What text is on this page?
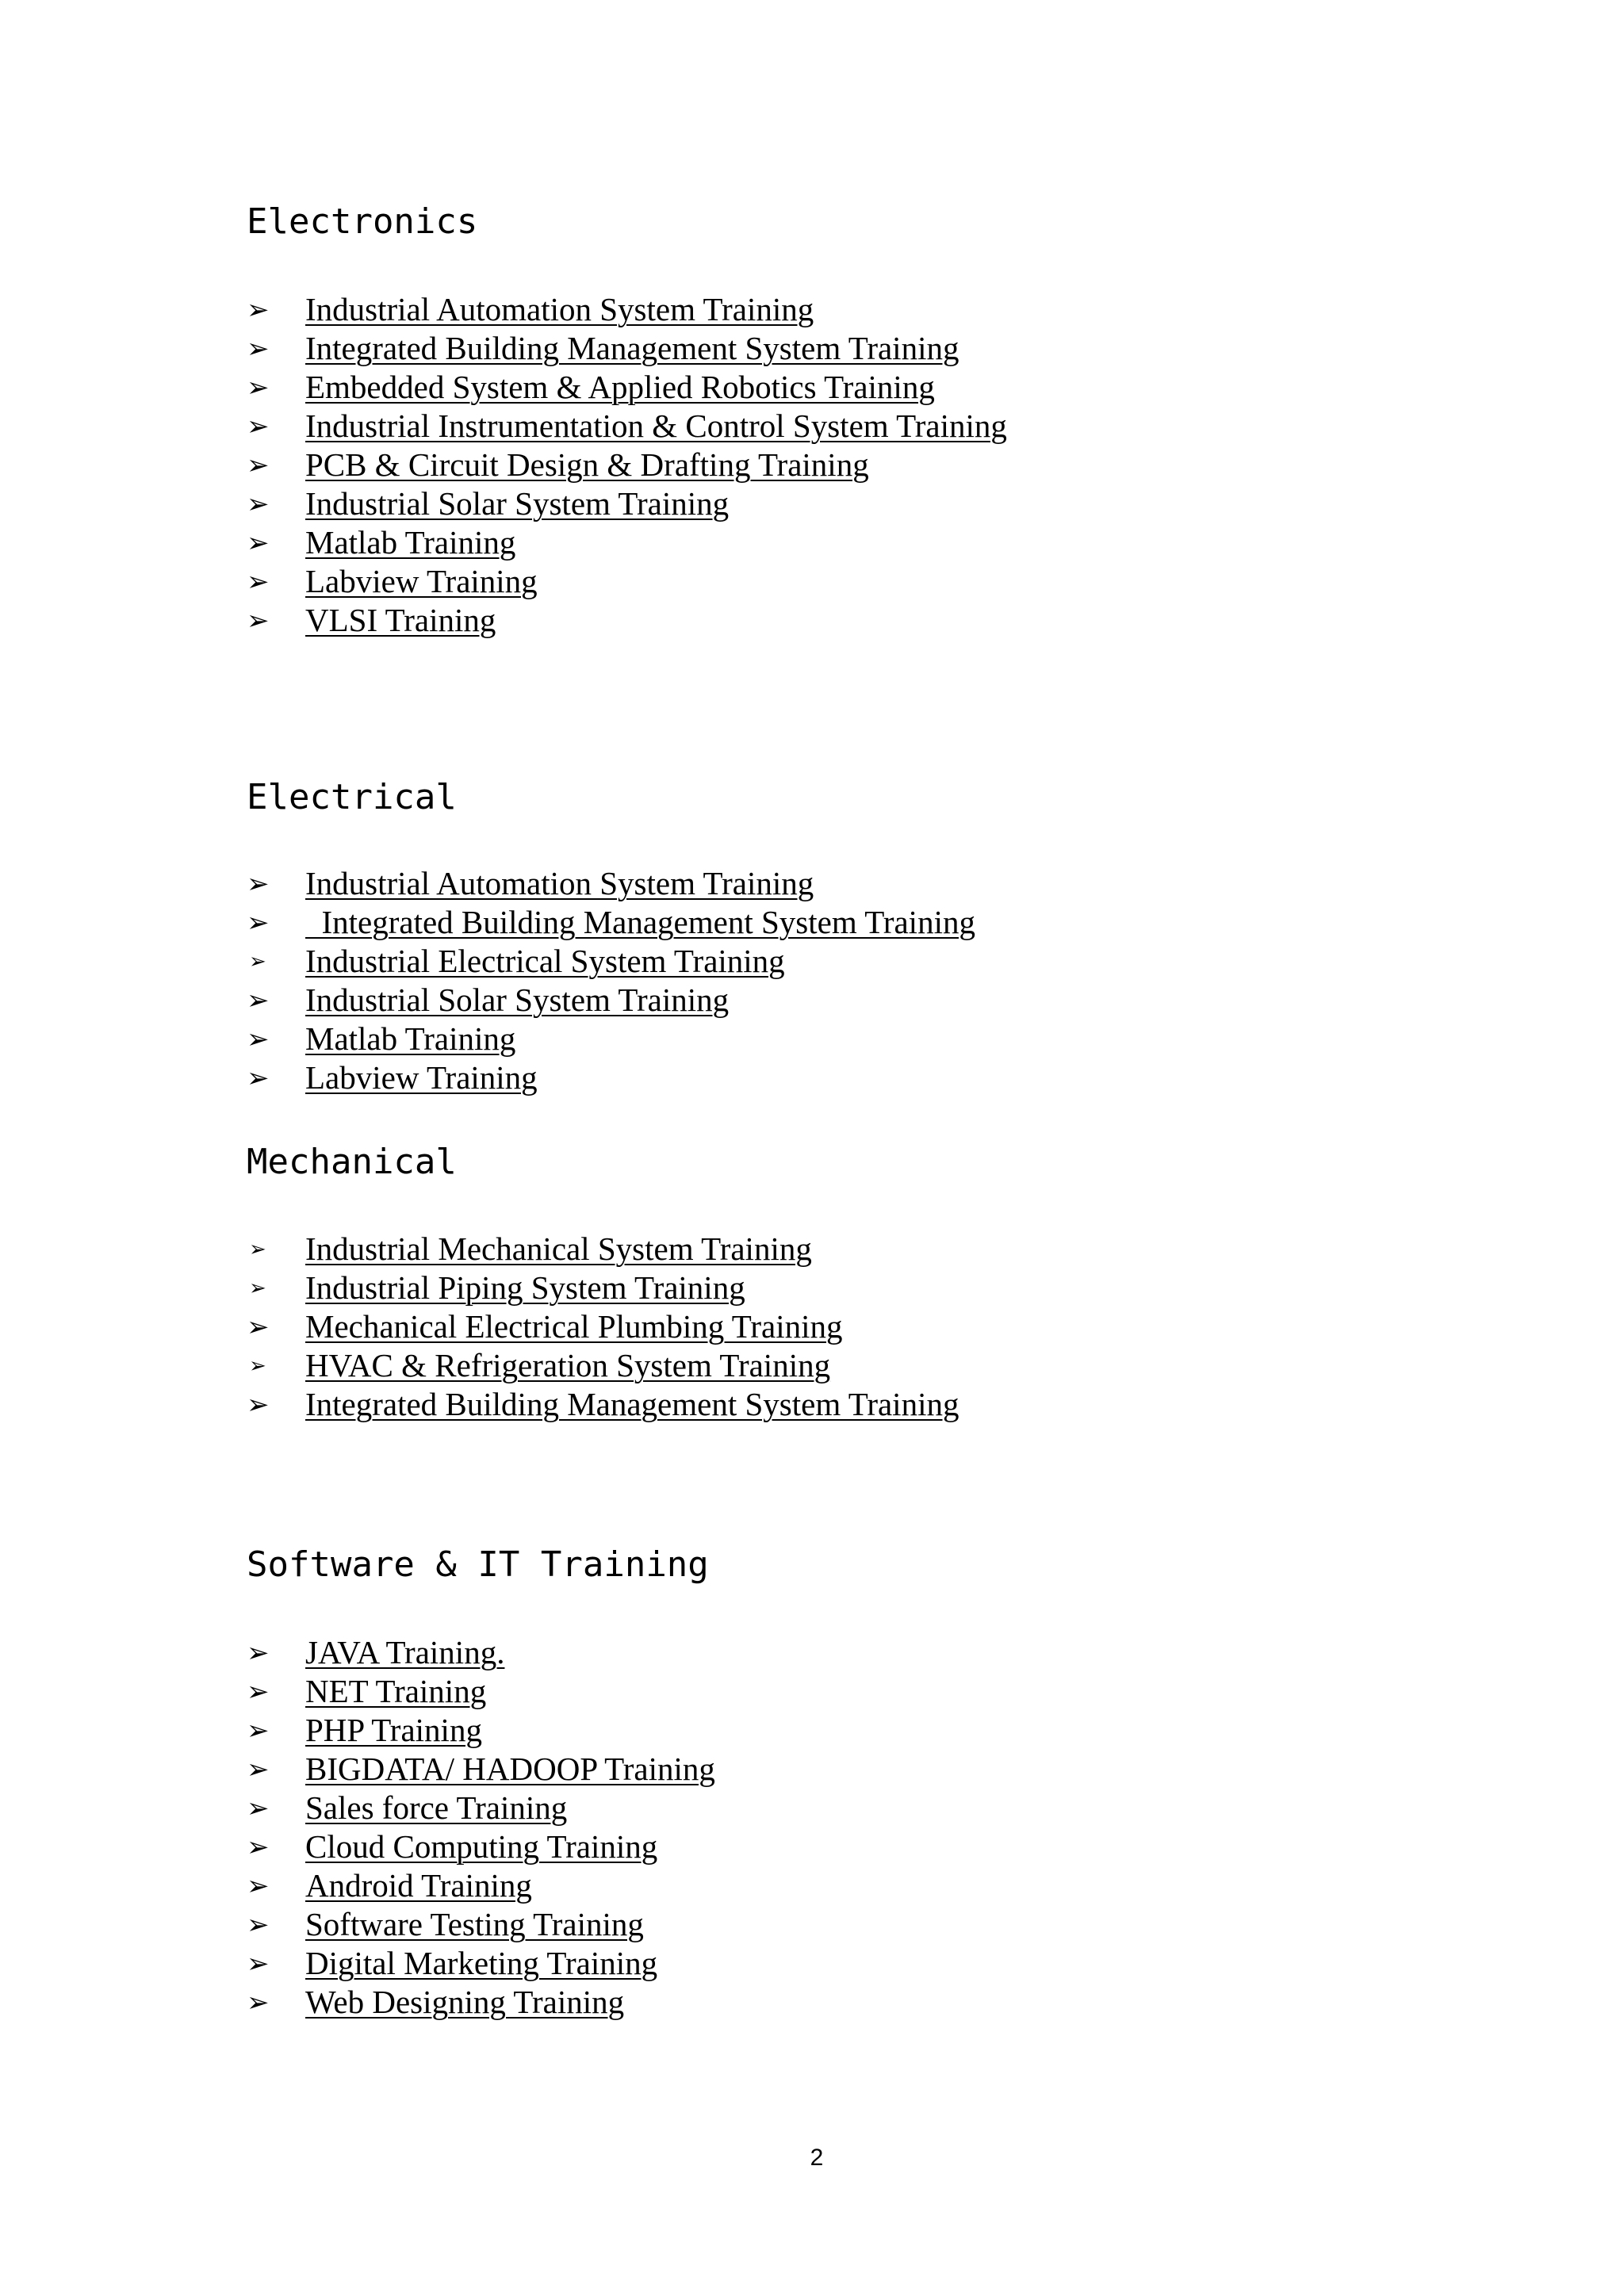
Electronics
➢	Industrial Automation System Training
➢	Integrated Building Management System Training
➢	Embedded System & Applied Robotics Training
➢	Industrial Instrumentation & Control System Training
➢	PCB & Circuit Design & Drafting Training
➢	Industrial Solar System Training
➢	Matlab Training
➢	Labview Training
➢	VLSI Training
Electrical
➢	Industrial Automation System Training
➢	Integrated Building Management System Training
➢	Industrial Electrical System Training
➢	Industrial Solar System Training
➢	Matlab Training
➢	Labview Training
Mechanical
➢	Industrial Mechanical System Training
➢	Industrial Piping System Training
➢	Mechanical Electrical Plumbing Training
➢	HVAC & Refrigeration System Training
➢	Integrated Building Management System Training
Software & IT Training
➢	JAVA Training.
➢	NET Training
➢	PHP Training
➢	BIGDATA/ HADOOP Training
➢	Sales force Training
➢	Cloud Computing Training
➢	Android Training
➢	Software Testing Training
➢	Digital Marketing Training
➢	Web Designing Training
2
